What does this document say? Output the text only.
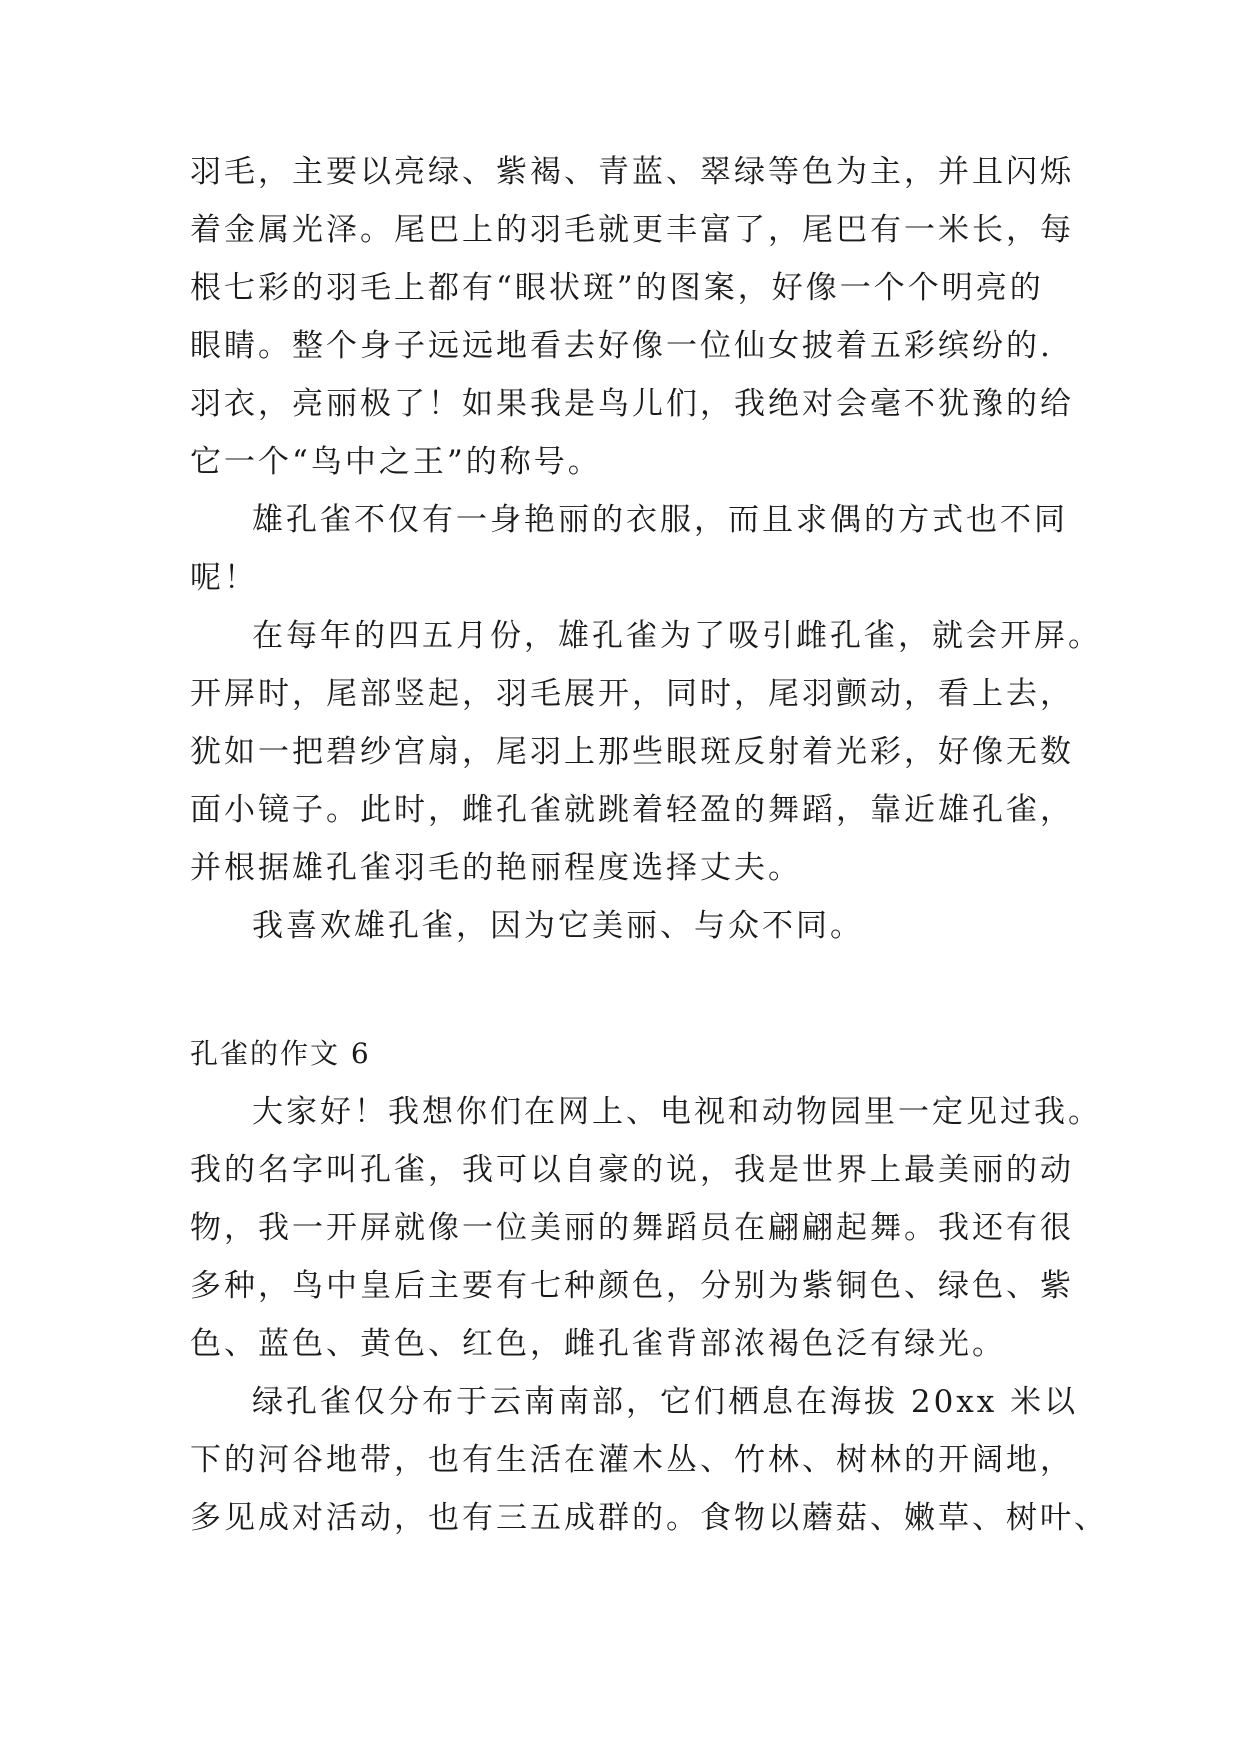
羽毛，主要以亮绿、紫褐、青蓝、翠绿等色为主，并且闪烁
着金属光泽。尾巴上的羽毛就更丰富了，尾巴有一米长，每
根七彩的羽毛上都有“眼状斑”的图案，好像一个个明亮的
眼睛。整个身子远远地看去好像一位仙女披着五彩缤纷的.
羽衣，亮丽极了！如果我是鸟儿们，我绝对会毫不犹豫的给
它一个“鸟中之王”的称号。
雄孔雀不仅有一身艳丽的衣服，而且求偶的方式也不同
呢！
在每年的四五月份，雄孔雀为了吸引雌孔雀，就会开屏。
开屏时，尾部竖起，羽毛展开，同时，尾羽颤动，看上去，
犹如一把碧纱宫扇，尾羽上那些眼斑反射着光彩，好像无数
面小镜子。此时，雌孔雀就跳着轻盈的舞蹈，靠近雄孔雀，
并根据雄孔雀羽毛的艳丽程度选择丈夫。
我喜欢雄孔雀，因为它美丽、与众不同。
孔雀的作文 6
大家好！我想你们在网上、电视和动物园里一定见过我。
我的名字叫孔雀，我可以自豪的说，我是世界上最美丽的动
物，我一开屏就像一位美丽的舞蹈员在翩翩起舞。我还有很
多种，鸟中皇后主要有七种颜色，分别为紫铜色、绿色、紫
色、蓝色、黄色、红色，雌孔雀背部浓褐色泛有绿光。
绿孔雀仅分布于云南南部，它们栖息在海拔 20xx 米以
下的河谷地带，也有生活在灌木丛、竹林、树林的开阔地，
多见成对活动，也有三五成群的。食物以蘑菇、嫩草、树叶、
